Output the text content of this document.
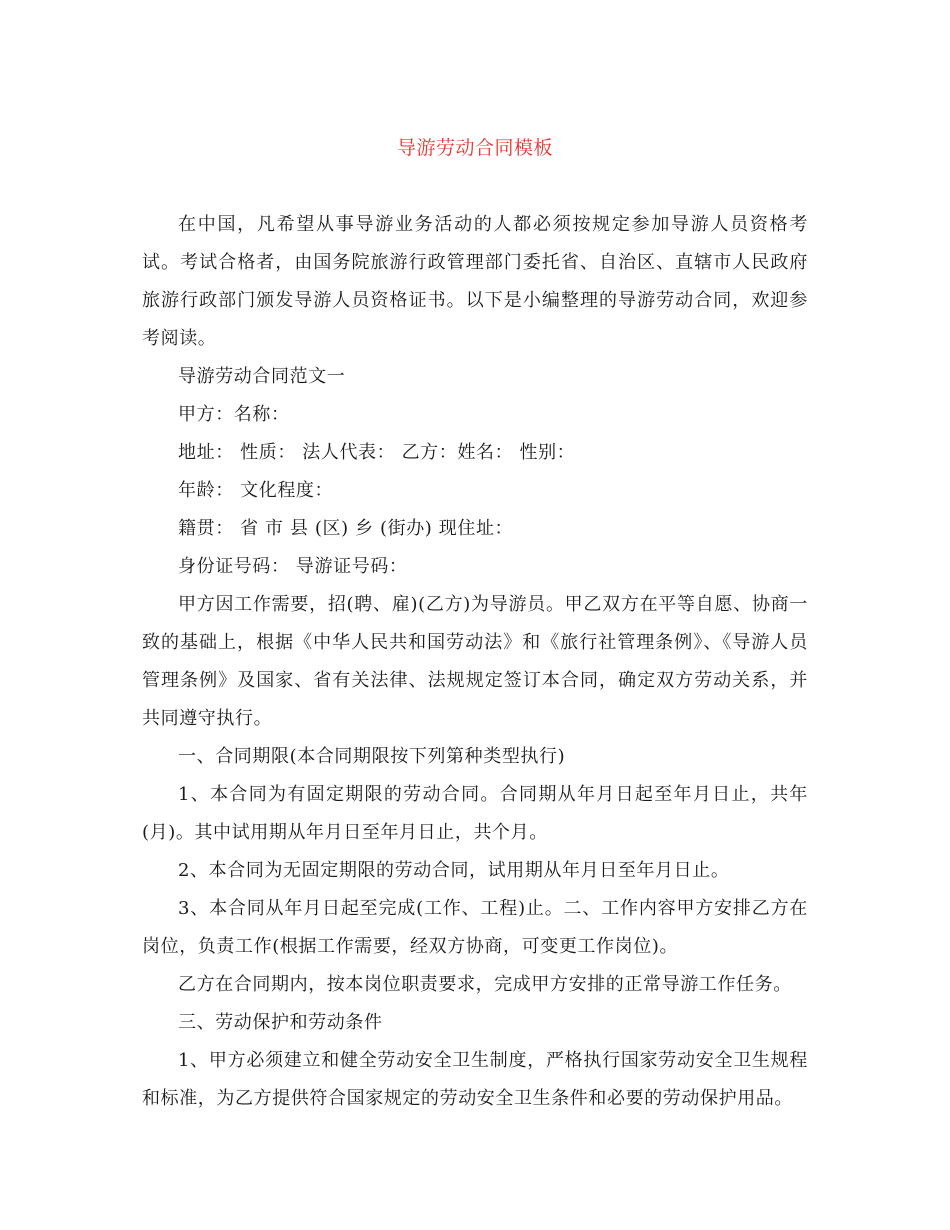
导游劳动合同模板

在中国，凡希望从事导游业务活动的人都必须按规定参加导游人员资格考试。考试合格者，由国务院旅游行政管理部门委托省、自治区、直辖市人民政府旅游行政部门颁发导游人员资格证书。以下是小编整理的导游劳动合同，欢迎参考阅读。

导游劳动合同范文一

甲方：名称：

地址： 性质： 法人代表： 乙方：姓名： 性别：

年龄： 文化程度：

籍贯： 省 市 县 (区) 乡 (街办) 现住址：

身份证号码： 导游证号码：

甲方因工作需要，招(聘、雇)(乙方)为导游员。甲乙双方在平等自愿、协商一致的基础上，根据《中华人民共和国劳动法》和《旅行社管理条例》、《导游人员管理条例》及国家、省有关法律、法规规定签订本合同，确定双方劳动关系，并共同遵守执行。

一、合同期限(本合同期限按下列第种类型执行)

1、本合同为有固定期限的劳动合同。合同期从年月日起至年月日止，共年(月)。其中试用期从年月日至年月日止，共个月。

2、本合同为无固定期限的劳动合同，试用期从年月日至年月日止。

3、本合同从年月日起至完成(工作、工程)止。二、工作内容甲方安排乙方在岗位，负责工作(根据工作需要，经双方协商，可变更工作岗位)。

乙方在合同期内，按本岗位职责要求，完成甲方安排的正常导游工作任务。

三、劳动保护和劳动条件

1、甲方必须建立和健全劳动安全卫生制度，严格执行国家劳动安全卫生规程和标准，为乙方提供符合国家规定的劳动安全卫生条件和必要的劳动保护用品。
